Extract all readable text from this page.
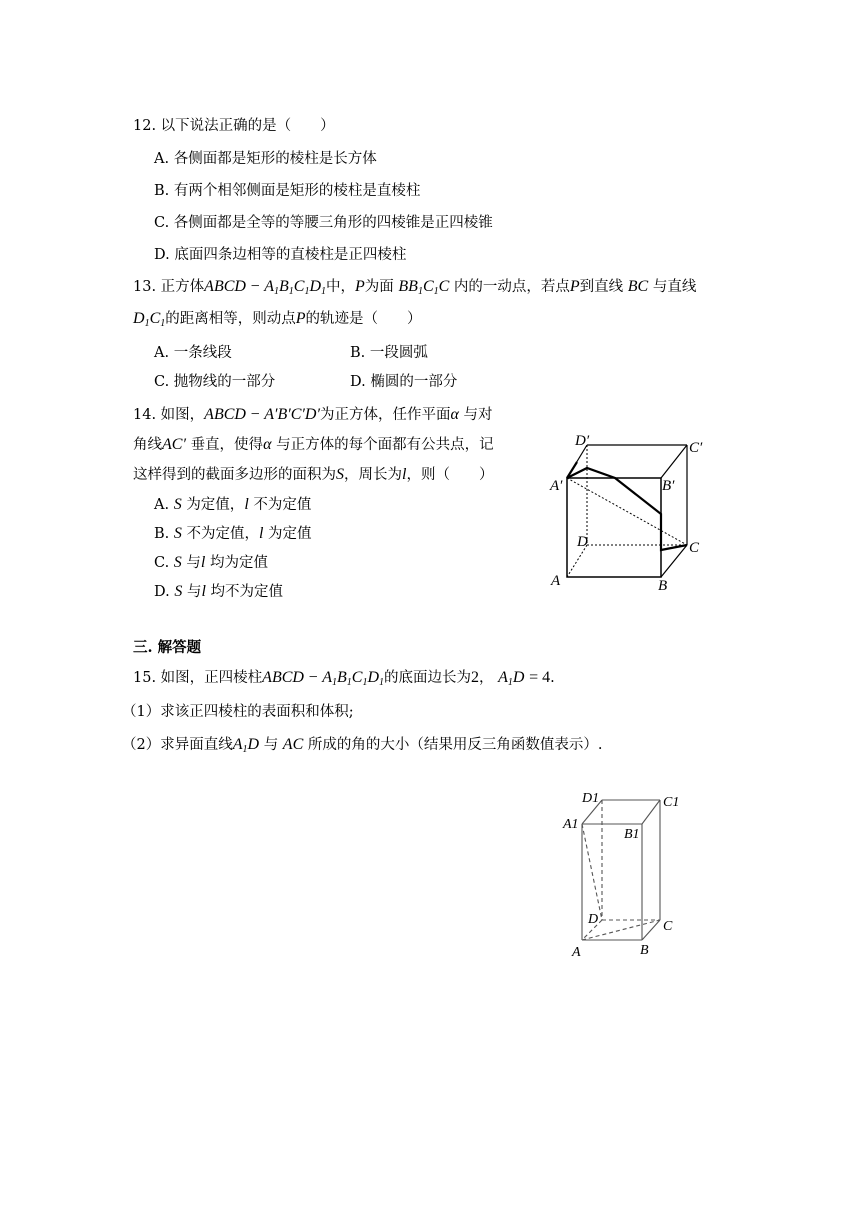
12. 以下说法正确的是（　　）
A. 各侧面都是矩形的棱柱是长方体
B. 有两个相邻侧面是矩形的棱柱是直棱柱
C. 各侧面都是全等的等腰三角形的四棱锥是正四棱锥
D. 底面四条边相等的直棱柱是正四棱柱
13. 正方体ABCD − $A_1B_1C_1D_1$中，P为面 $BB_1C_1C$ 内的一动点，若点P到直线 BC 与直线
$D_1C_1$的距离相等，则动点P的轨迹是（　　）
A. 一条线段	B. 一段圆弧
C. 抛物线的一部分	D. 椭圆的一部分
14. 如图，ABCD − A′B′C′D′为正方体，任作平面α 与对
角线AC′ 垂直，使得α 与正方体的每个面都有公共点，记
这样得到的截面多边形的面积为S，周长为l，则（　　）
A. S 为定值，l 不为定值
B. S 不为定值，l 为定值
C. S 与l 均为定值
D. S 与l 均不为定值
D′	C′
A′	B′
D	C
A	B
三. 解答题
15. 如图，正四棱柱ABCD − $A_1B_1C_1D_1$的底面边长为2， $A_1D = 4$.
（1）求该正四棱柱的表面积和体积;
（2）求异面直线$A_1D$ 与 AC 所成的角的大小（结果用反三角函数值表示）.
D1	C1
A1
B1
D	C
A	B
